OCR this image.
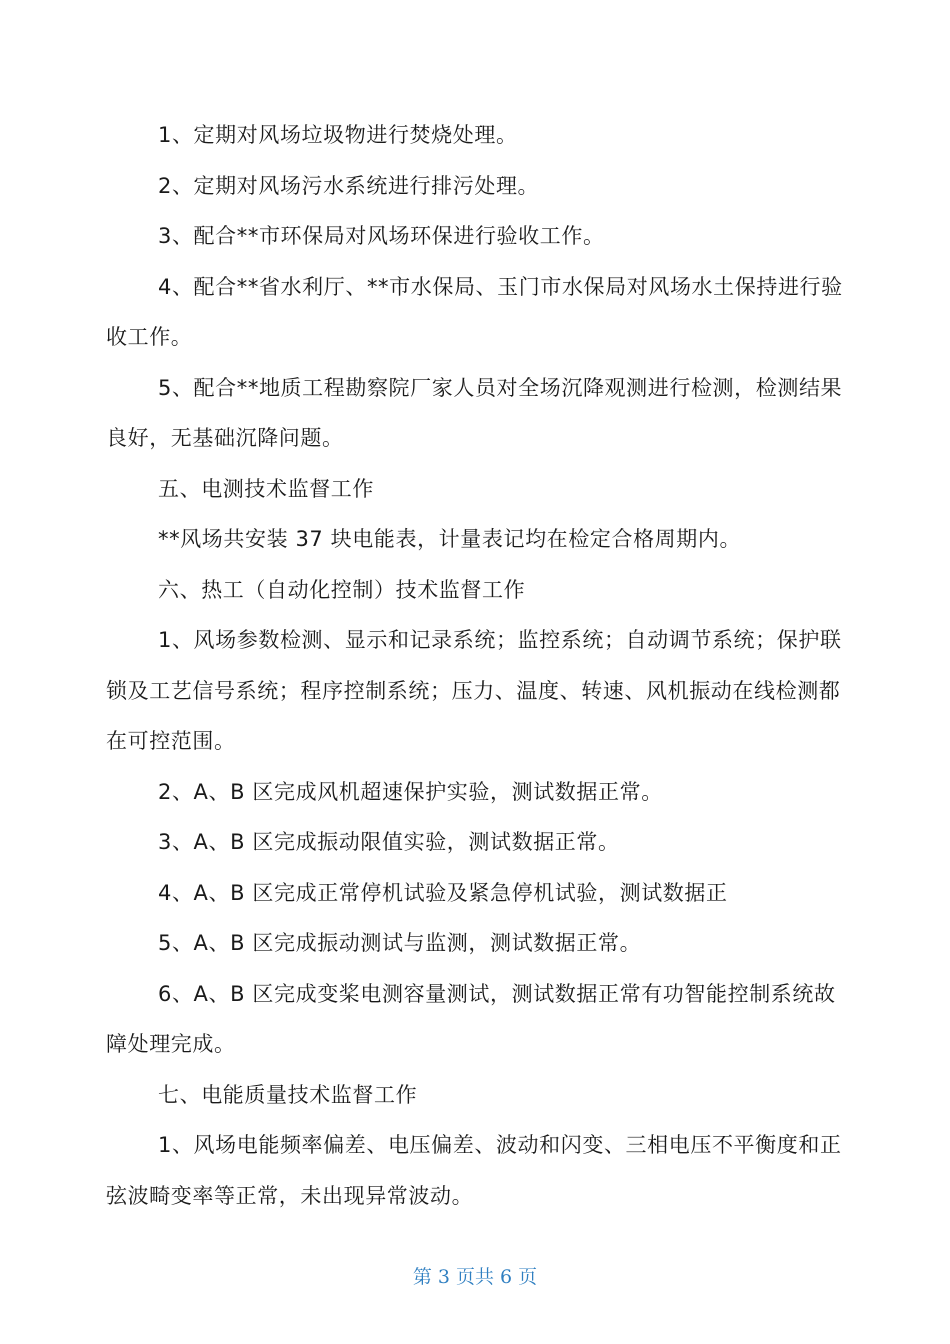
1、定期对风场垃圾物进行焚烧处理。

2、定期对风场污水系统进行排污处理。

3、配合**市环保局对风场环保进行验收工作。

4、配合**省水利厅、**市水保局、玉门市水保局对风场水土保持进行验收工作。

5、配合**地质工程勘察院厂家人员对全场沉降观测进行检测，检测结果良好，无基础沉降问题。

五、电测技术监督工作

**风场共安装 37 块电能表，计量表记均在检定合格周期内。

六、热工（自动化控制）技术监督工作

1、风场参数检测、显示和记录系统；监控系统；自动调节系统；保护联锁及工艺信号系统；程序控制系统；压力、温度、转速、风机振动在线检测都在可控范围。

2、A、B 区完成风机超速保护实验，测试数据正常。

3、A、B 区完成振动限值实验，测试数据正常。

4、A、B 区完成正常停机试验及紧急停机试验，测试数据正

5、A、B 区完成振动测试与监测，测试数据正常。

6、A、B 区完成变桨电测容量测试，测试数据正常有功智能控制系统故障处理完成。

七、电能质量技术监督工作

1、风场电能频率偏差、电压偏差、波动和闪变、三相电压不平衡度和正弦波畸变率等正常，未出现异常波动。

第 3 页共 6 页
